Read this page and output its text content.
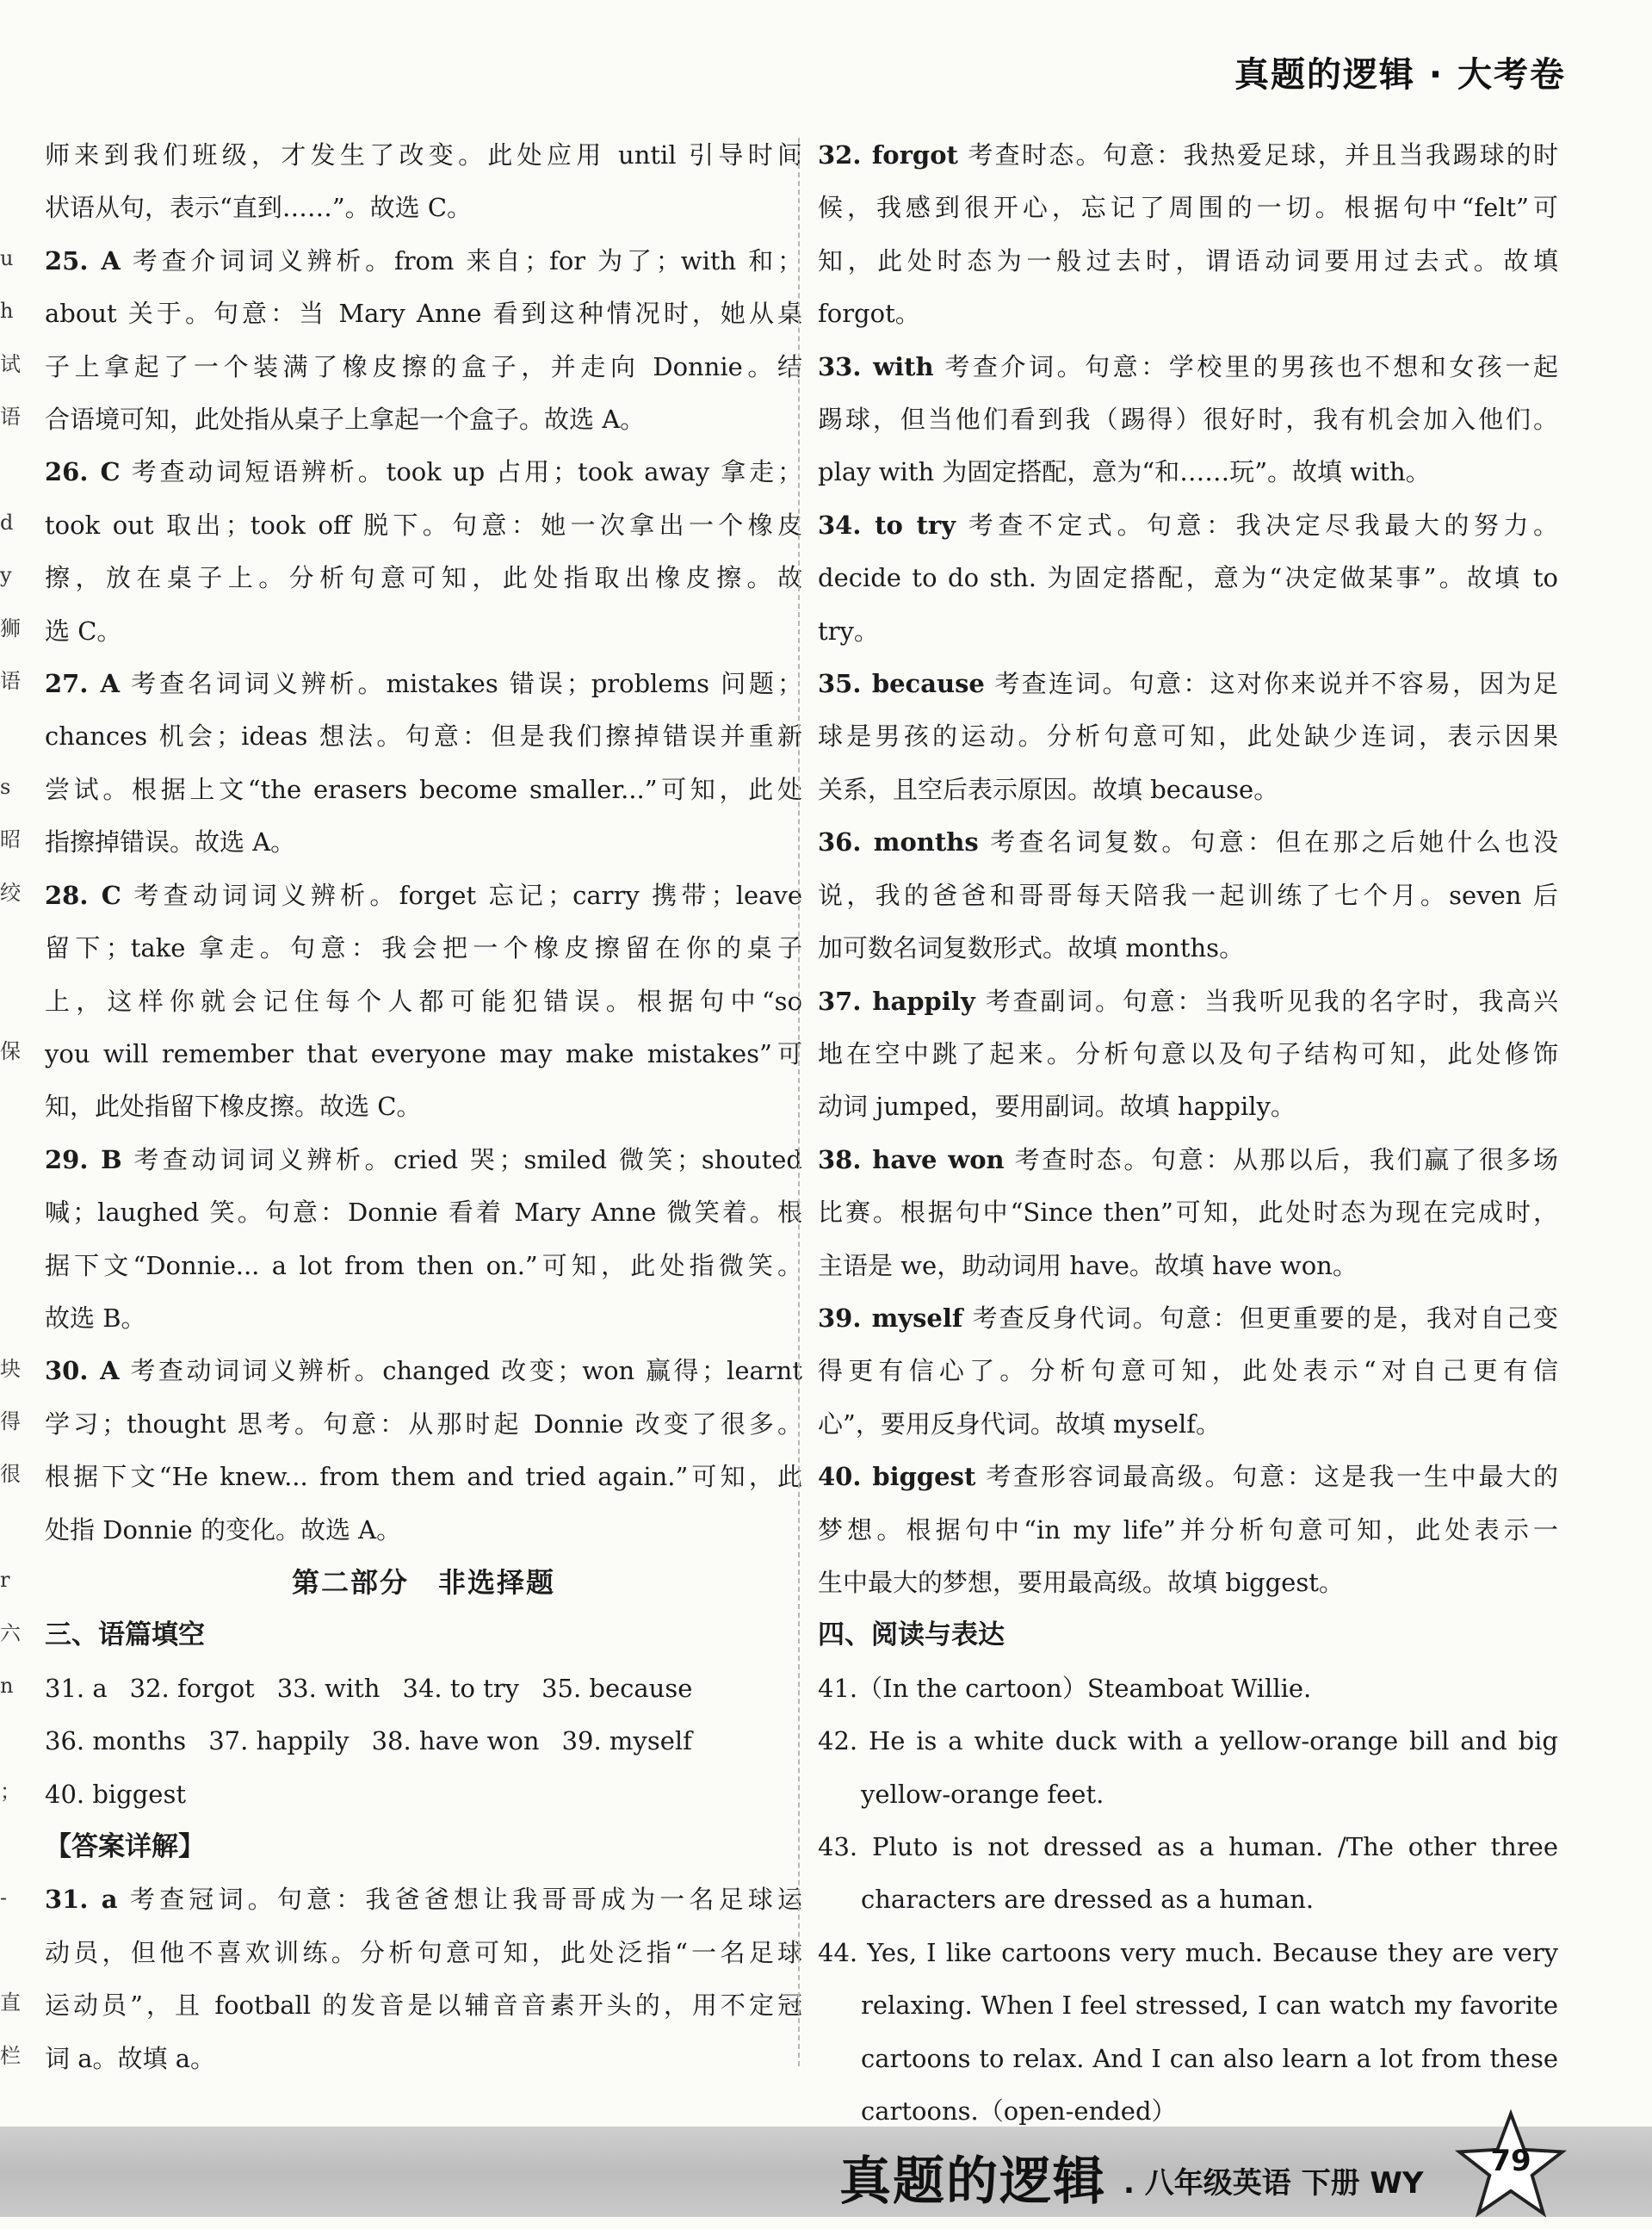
真题的逻辑 · 大考卷
u
h
试
语

d
y
狮
语

s
昭
绞

保

块
得
很

r
六
n

；

-

直
栏
师来到我们班级，才发生了改变。此处应用 until 引导时间
状语从句，表示“直到……”。故选 C。
25. A 考查介词词义辨析。from 来自；for 为了；with 和；
about 关于。句意：当 Mary Anne 看到这种情况时，她从桌
子上拿起了一个装满了橡皮擦的盒子，并走向 Donnie。结
合语境可知，此处指从桌子上拿起一个盒子。故选 A。
26. C 考查动词短语辨析。took up 占用；took away 拿走；
took out 取出；took off 脱下。句意：她一次拿出一个橡皮
擦，放在桌子上。分析句意可知，此处指取出橡皮擦。故
选 C。
27. A 考查名词词义辨析。mistakes 错误；problems 问题；
chances 机会；ideas 想法。句意：但是我们擦掉错误并重新
尝试。根据上文“the erasers become smaller...”可知，此处
指擦掉错误。故选 A。
28. C 考查动词词义辨析。forget 忘记；carry 携带；leave
留下；take 拿走。句意：我会把一个橡皮擦留在你的桌子
上，这样你就会记住每个人都可能犯错误。根据句中“so
you will remember that everyone may make mistakes”可
知，此处指留下橡皮擦。故选 C。
29. B 考查动词词义辨析。cried 哭；smiled 微笑；shouted
喊；laughed 笑。句意：Donnie 看着 Mary Anne 微笑着。根
据下文“Donnie... a lot from then on.”可知，此处指微笑。
故选 B。
30. A 考查动词词义辨析。changed 改变；won 赢得；learnt
学习；thought 思考。句意：从那时起 Donnie 改变了很多。
根据下文“He knew... from them and tried again.”可知，此
处指 Donnie 的变化。故选 A。
第二部分　非选择题
三、语篇填空
31. a 32. forgot 33. with 34. to try 35. because
36. months 37. happily 38. have won 39. myself
40. biggest
【答案详解】
31. a 考查冠词。句意：我爸爸想让我哥哥成为一名足球运
动员，但他不喜欢训练。分析句意可知，此处泛指“一名足球
运动员”，且 football 的发音是以辅音音素开头的，用不定冠
词 a。故填 a。
32. forgot 考查时态。句意：我热爱足球，并且当我踢球的时
候，我感到很开心，忘记了周围的一切。根据句中“felt”可
知，此处时态为一般过去时，谓语动词要用过去式。故填
forgot。
33. with 考查介词。句意：学校里的男孩也不想和女孩一起
踢球，但当他们看到我（踢得）很好时，我有机会加入他们。
play with 为固定搭配，意为“和……玩”。故填 with。
34. to try 考查不定式。句意：我决定尽我最大的努力。
decide to do sth. 为固定搭配，意为“决定做某事”。故填 to
try。
35. because 考查连词。句意：这对你来说并不容易，因为足
球是男孩的运动。分析句意可知，此处缺少连词，表示因果
关系，且空后表示原因。故填 because。
36. months 考查名词复数。句意：但在那之后她什么也没
说，我的爸爸和哥哥每天陪我一起训练了七个月。seven 后
加可数名词复数形式。故填 months。
37. happily 考查副词。句意：当我听见我的名字时，我高兴
地在空中跳了起来。分析句意以及句子结构可知，此处修饰
动词 jumped，要用副词。故填 happily。
38. have won 考查时态。句意：从那以后，我们赢了很多场
比赛。根据句中“Since then”可知，此处时态为现在完成时，
主语是 we，助动词用 have。故填 have won。
39. myself 考查反身代词。句意：但更重要的是，我对自己变
得更有信心了。分析句意可知，此处表示“对自己更有信
心”，要用反身代词。故填 myself。
40. biggest 考查形容词最高级。句意：这是我一生中最大的
梦想。根据句中“in my life”并分析句意可知，此处表示一
生中最大的梦想，要用最高级。故填 biggest。
四、阅读与表达
41.（In the cartoon）Steamboat Willie.
42. He is a white duck with a yellow-orange bill and big
yellow-orange feet.
43. Pluto is not dressed as a human. /The other three
characters are dressed as a human.
44. Yes, I like cartoons very much. Because they are very
relaxing. When I feel stressed, I can watch my favorite
cartoons to relax. And I can also learn a lot from these
cartoons.（open-ended）
真题的逻辑 . 八年级英语 下册 WY
79
